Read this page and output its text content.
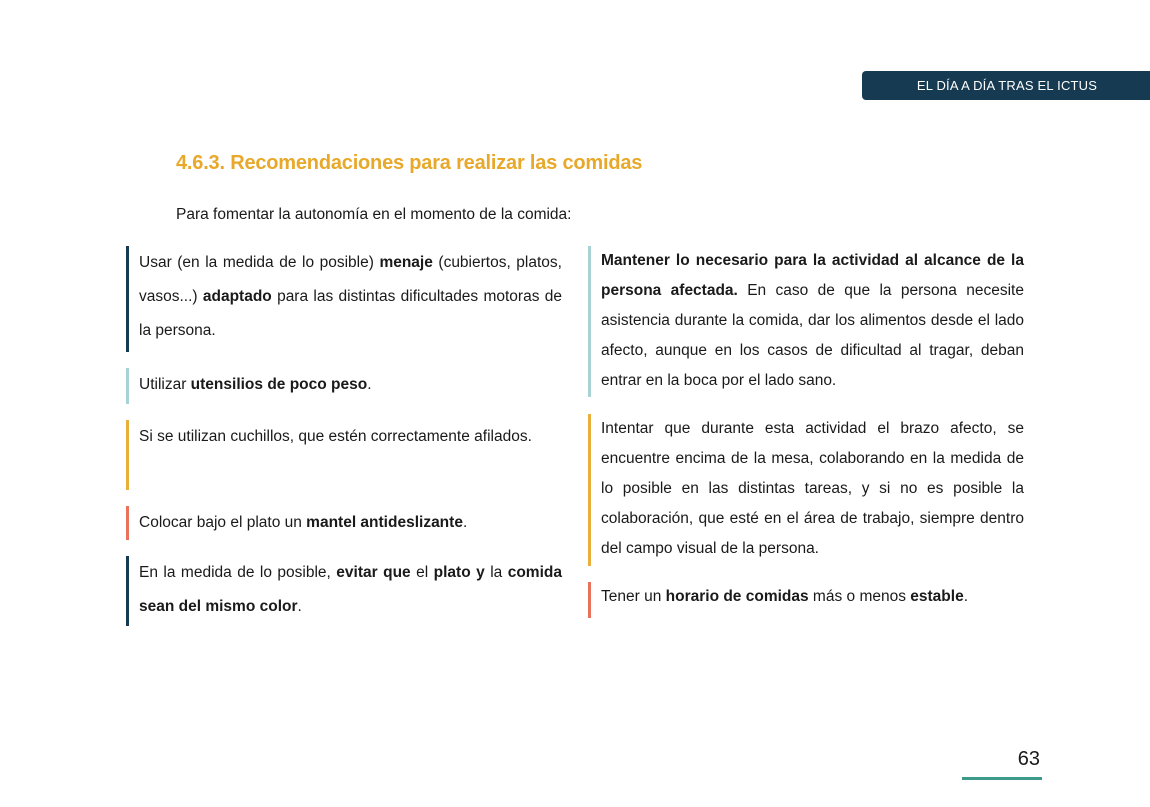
EL DÍA A DÍA TRAS EL ICTUS
4.6.3. Recomendaciones para realizar las comidas

Para fomentar la autonomía en el momento de la comida:

Usar (en la medida de lo posible) menaje (cubiertos, platos, vasos...) adaptado para las distintas dificultades motoras de la persona.
Utilizar utensilios de poco peso.
Si se utilizan cuchillos, que estén correctamente afilados.
Colocar bajo el plato un mantel antideslizante.
En la medida de lo posible, evitar que el plato y la comida sean del mismo color.
Mantener lo necesario para la actividad al alcance de la persona afectada. En caso de que la persona necesite asistencia durante la comida, dar los alimentos desde el lado afecto, aunque en los casos de dificultad al tragar, deban entrar en la boca por el lado sano.
Intentar que durante esta actividad el brazo afecto, se encuentre encima de la mesa, colaborando en la medida de lo posible en las distintas tareas, y si no es posible la colaboración, que esté en el área de trabajo, siempre dentro del campo visual de la persona.
Tener un horario de comidas más o menos estable.
63
